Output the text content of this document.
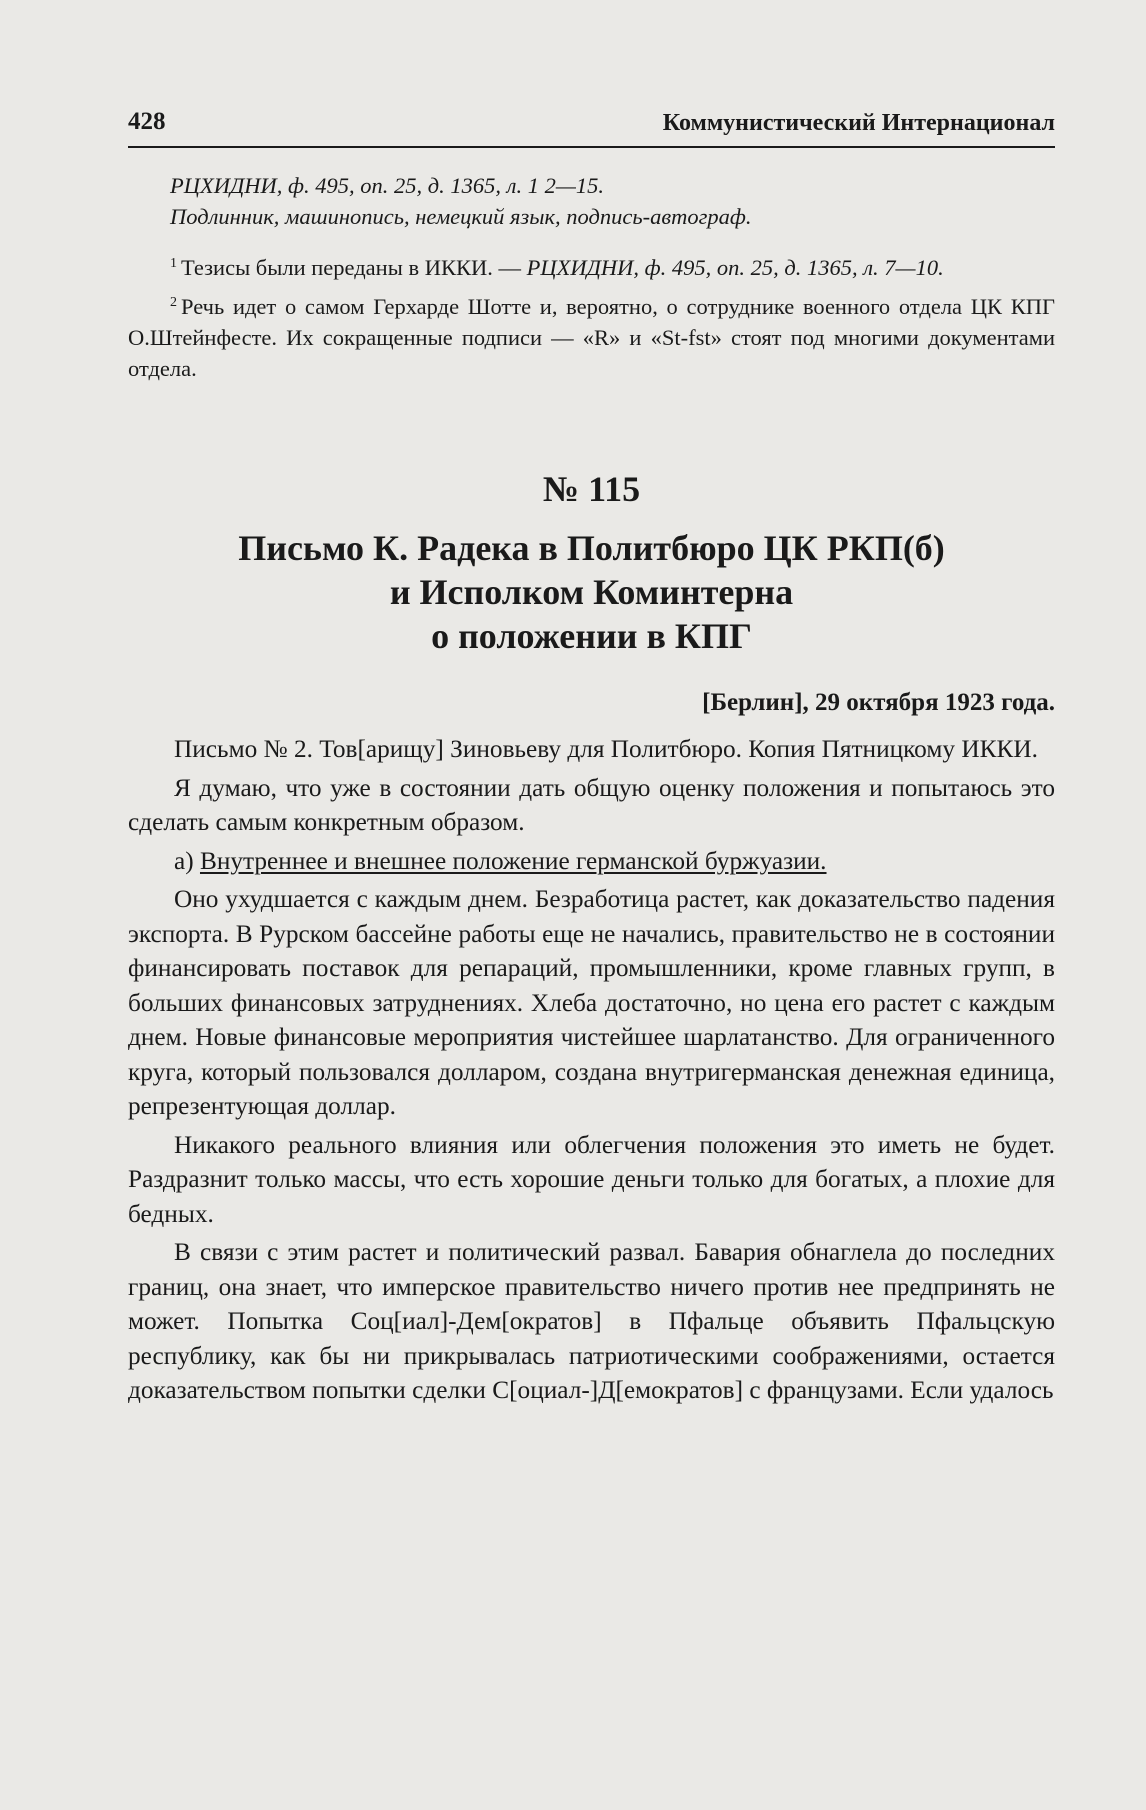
428	Коммунистический Интернационал

РЦХИДНИ, ф. 495, оп. 25, д. 1365, л. 1 2—15.

Подлинник, машинопись, немецкий язык, подпись-автограф.

$^1$ Тезисы были переданы в ИККИ. — РЦХИДНИ, ф. 495, оп. 25, д. 1365, л. 7—10.

$^2$ Речь идет о самом Герхарде Шотте и, вероятно, о сотруднике военного отдела ЦК КПГ О.Штейнфесте. Их сокращенные подписи — «R» и «St-fst» стоят под многими документами отдела.

№ 115
Письмо К. Радека в Политбюро ЦК РКП(б)
и Исполком Коминтерна
о положении в КПГ

[Берлин], 29 октября 1923 года.

Письмо № 2. Тов[арищу] Зиновьеву для Политбюро. Копия Пятницкому ИККИ.

Я думаю, что уже в состоянии дать общую оценку положения и попытаюсь это сделать самым конкретным образом.

а) Внутреннее и внешнее положение германской буржуазии.

Оно ухудшается с каждым днем. Безработица растет, как доказательство падения экспорта. В Рурском бассейне работы еще не начались, правительство не в состоянии финансировать поставок для репараций, промышленники, кроме главных групп, в больших финансовых затруднениях. Хлеба достаточно, но цена его растет с каждым днем. Новые финансовые мероприятия чистейшее шарлатанство. Для ограниченного круга, который пользовался долларом, создана внутригерманская денежная единица, репрезентующая доллар.

Никакого реального влияния или облегчения положения это иметь не будет. Раздразнит только массы, что есть хорошие деньги только для богатых, а плохие для бедных.

В связи с этим растет и политический развал. Бавария обнаглела до последних границ, она знает, что имперское правительство ничего против нее предпринять не может. Попытка Соц[иал]-Дем[ократов] в Пфальце объявить Пфальцскую республику, как бы ни прикрывалась патриотическими соображениями, остается доказательством попытки сделки С[оциал-]Д[емократов] с французами. Если удалось
